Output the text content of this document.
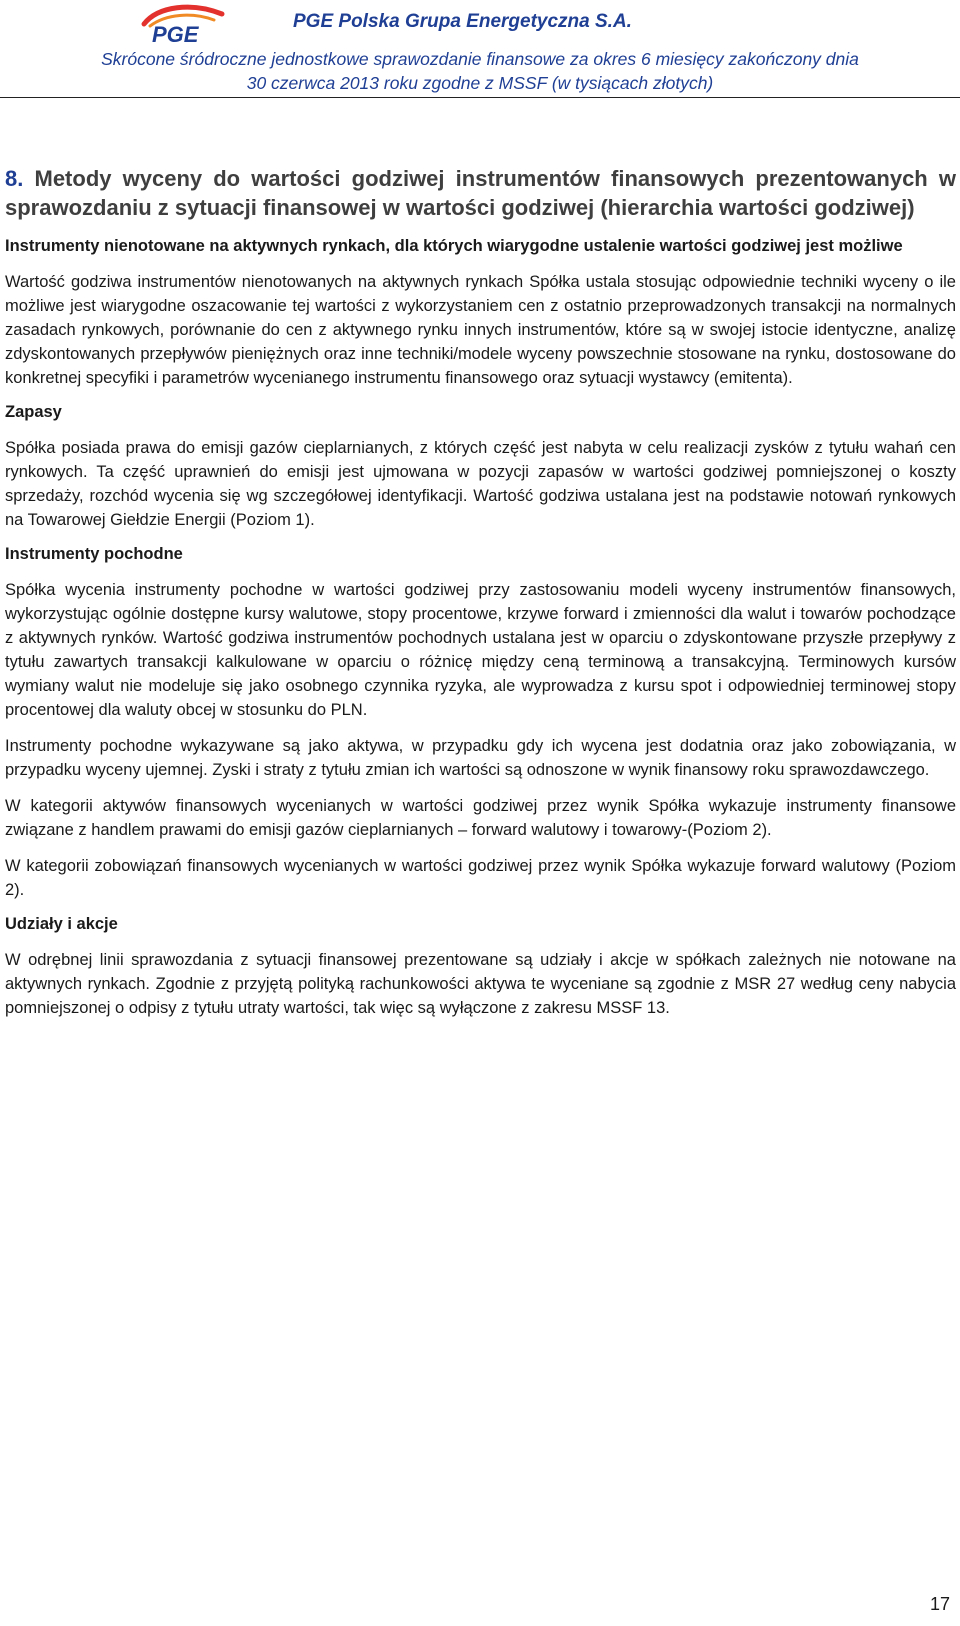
PGE
PGE Polska Grupa Energetyczna S.A.
Skrócone śródroczne jednostkowe sprawozdanie finansowe za okres 6 miesięcy zakończony dnia
30 czerwca 2013 roku zgodne z MSSF (w tysiącach złotych)
8. Metody wyceny do wartości godziwej instrumentów finansowych prezentowanych w sprawozdaniu z sytuacji finansowej w wartości godziwej (hierarchia wartości godziwej)
Instrumenty nienotowane na aktywnych rynkach, dla których wiarygodne ustalenie wartości godziwej jest możliwe

Wartość godziwa instrumentów nienotowanych na aktywnych rynkach Spółka ustala stosując odpowiednie techniki wyceny o ile możliwe jest wiarygodne oszacowanie tej wartości z wykorzystaniem cen z ostatnio przeprowadzonych transakcji na normalnych zasadach rynkowych, porównanie do cen z aktywnego rynku innych instrumentów, które są w swojej istocie identyczne, analizę zdyskontowanych przepływów pieniężnych oraz inne techniki/modele wyceny powszechnie stosowane na rynku, dostosowane do konkretnej specyfiki i parametrów wycenianego instrumentu finansowego oraz sytuacji wystawcy (emitenta).

Zapasy

Spółka posiada prawa do emisji gazów cieplarnianych, z których część jest nabyta w celu realizacji zysków z tytułu wahań cen rynkowych. Ta część uprawnień do emisji jest ujmowana w pozycji zapasów w wartości godziwej pomniejszonej o koszty sprzedaży, rozchód wycenia się wg szczegółowej identyfikacji. Wartość godziwa ustalana jest na podstawie notowań rynkowych na Towarowej Giełdzie Energii (Poziom 1).

Instrumenty pochodne

Spółka wycenia instrumenty pochodne w wartości godziwej przy zastosowaniu modeli wyceny instrumentów finansowych, wykorzystując ogólnie dostępne kursy walutowe, stopy procentowe, krzywe forward i zmienności dla walut i towarów pochodzące z aktywnych rynków. Wartość godziwa instrumentów pochodnych ustalana jest w oparciu o zdyskontowane przyszłe przepływy z tytułu zawartych transakcji kalkulowane w oparciu o różnicę między ceną terminową a transakcyjną. Terminowych kursów wymiany walut nie modeluje się jako osobnego czynnika ryzyka, ale wyprowadza z kursu spot i odpowiedniej terminowej stopy procentowej dla waluty obcej w stosunku do PLN.

Instrumenty pochodne wykazywane są jako aktywa, w przypadku gdy ich wycena jest dodatnia oraz jako zobowiązania, w przypadku wyceny ujemnej. Zyski i straty z tytułu zmian ich wartości są odnoszone w wynik finansowy roku sprawozdawczego.

W kategorii aktywów finansowych wycenianych w wartości godziwej przez wynik Spółka wykazuje instrumenty finansowe związane z handlem prawami do emisji gazów cieplarnianych – forward walutowy i towarowy-(Poziom 2).

W kategorii zobowiązań finansowych wycenianych w wartości godziwej przez wynik Spółka wykazuje forward walutowy (Poziom 2).

Udziały i akcje

W odrębnej linii sprawozdania z sytuacji finansowej prezentowane są udziały i akcje w spółkach zależnych nie notowane na aktywnych rynkach. Zgodnie z przyjętą polityką rachunkowości aktywa te wyceniane są zgodnie z MSR 27 według ceny nabycia pomniejszonej o odpisy z tytułu utraty wartości, tak więc są wyłączone z zakresu MSSF 13.

17
